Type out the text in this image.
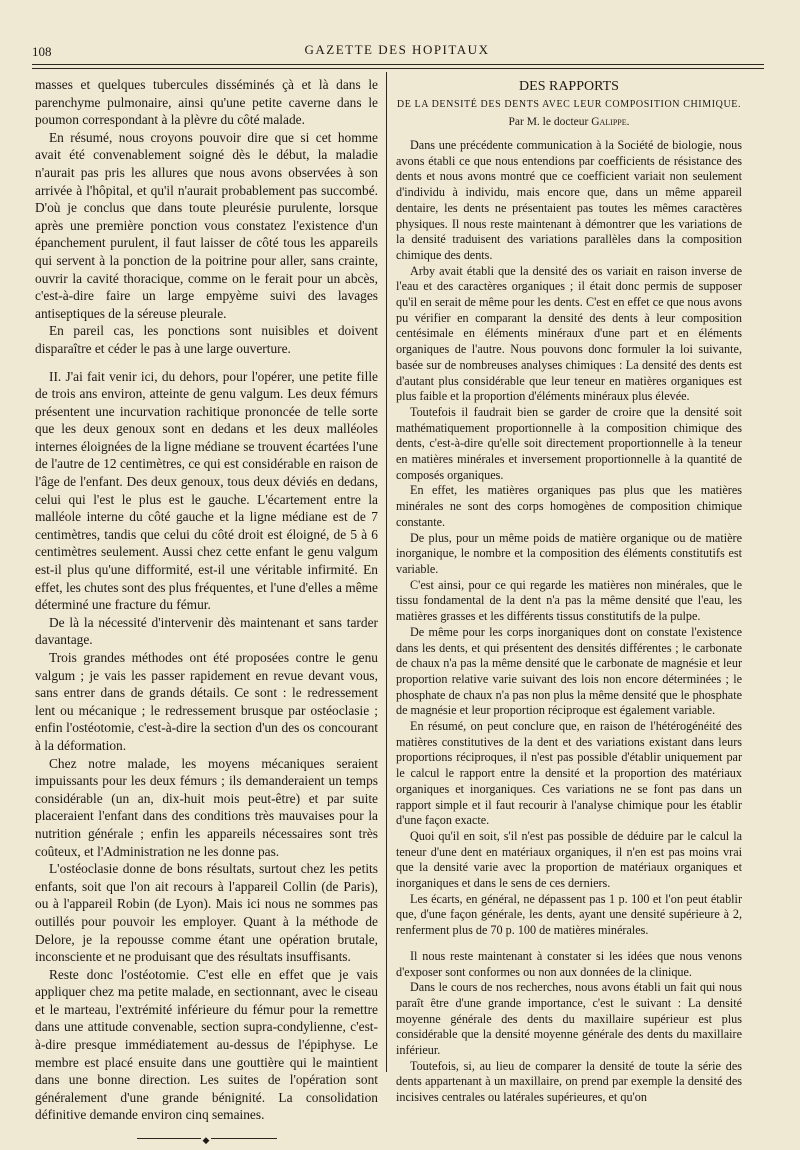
108	GAZETTE DES HOPITAUX

masses et quelques tubercules disséminés çà et là dans le parenchyme pulmonaire, ainsi qu'une petite caverne dans le poumon correspondant à la plèvre du côté malade.

En résumé, nous croyons pouvoir dire que si cet homme avait été convenablement soigné dès le début, la maladie n'aurait pas pris les allures que nous avons observées à son arrivée à l'hôpital, et qu'il n'aurait probablement pas succombé. D'où je conclus que dans toute pleurésie purulente, lorsque après une première ponction vous constatez l'existence d'un épanchement purulent, il faut laisser de côté tous les appareils qui servent à la ponction de la poitrine pour aller, sans crainte, ouvrir la cavité thoracique, comme on le ferait pour un abcès, c'est-à-dire faire un large empyème suivi des lavages antiseptiques de la séreuse pleurale.

En pareil cas, les ponctions sont nuisibles et doivent disparaître et céder le pas à une large ouverture.

II. J'ai fait venir ici, du dehors, pour l'opérer, une petite fille de trois ans environ, atteinte de genu valgum. Les deux fémurs présentent une incurvation rachitique prononcée de telle sorte que les deux genoux sont en dedans et les deux malléoles internes éloignées de la ligne médiane se trouvent écartées l'une de l'autre de 12 centimètres, ce qui est considérable en raison de l'âge de l'enfant. Des deux genoux, tous deux déviés en dedans, celui qui l'est le plus est le gauche. L'écartement entre la malléole interne du côté gauche et la ligne médiane est de 7 centimètres, tandis que celui du côté droit est éloigné, de 5 à 6 centimètres seulement. Aussi chez cette enfant le genu valgum est-il plus qu'une difformité, est-il une véritable infirmité. En effet, les chutes sont des plus fréquentes, et l'une d'elles a même déterminé une fracture du fémur.

De là la nécessité d'intervenir dès maintenant et sans tarder davantage.

Trois grandes méthodes ont été proposées contre le genu valgum ; je vais les passer rapidement en revue devant vous, sans entrer dans de grands détails. Ce sont : le redressement lent ou mécanique ; le redressement brusque par ostéoclasie ; enfin l'ostéotomie, c'est-à-dire la section d'un des os concourant à la déformation.

Chez notre malade, les moyens mécaniques seraient impuissants pour les deux fémurs ; ils demanderaient un temps considérable (un an, dix-huit mois peut-être) et par suite placeraient l'enfant dans des conditions très mauvaises pour la nutrition générale ; enfin les appareils nécessaires sont très coûteux, et l'Administration ne les donne pas.

L'ostéoclasie donne de bons résultats, surtout chez les petits enfants, soit que l'on ait recours à l'appareil Collin (de Paris), ou à l'appareil Robin (de Lyon). Mais ici nous ne sommes pas outillés pour pouvoir les employer. Quant à la méthode de Delore, je la repousse comme étant une opération brutale, inconsciente et ne produisant que des résultats insuffisants.

Reste donc l'ostéotomie. C'est elle en effet que je vais appliquer chez ma petite malade, en sectionnant, avec le ciseau et le marteau, l'extrémité inférieure du fémur pour la remettre dans une attitude convenable, section supra-condylienne, c'est-à-dire presque immédiatement au-dessus de l'épiphyse. Le membre est placé ensuite dans une gouttière qui le maintient dans une bonne direction. Les suites de l'opération sont généralement d'une grande bénignité. La consolidation définitive demande environ cinq semaines.

◆
DES RAPPORTS
DE LA DENSITÉ DES DENTS AVEC LEUR COMPOSITION CHIMIQUE.
Par M. le docteur Galippe.

Dans une précédente communication à la Société de biologie, nous avons établi ce que nous entendions par coefficients de résistance des dents et nous avons montré que ce coefficient variait non seulement d'individu à individu, mais encore que, dans un même appareil dentaire, les dents ne présentaient pas toutes les mêmes caractères physiques. Il nous reste maintenant à démontrer que les variations de la densité traduisent des variations parallèles dans la composition chimique des dents.

Arby avait établi que la densité des os variait en raison inverse de l'eau et des caractères organiques ; il était donc permis de supposer qu'il en serait de même pour les dents. C'est en effet ce que nous avons pu vérifier en comparant la densité des dents à leur composition centésimale en éléments minéraux d'une part et en éléments organiques de l'autre. Nous pouvons donc formuler la loi suivante, basée sur de nombreuses analyses chimiques : La densité des dents est d'autant plus considérable que leur teneur en matières organiques est plus faible et la proportion d'éléments minéraux plus élevée.

Toutefois il faudrait bien se garder de croire que la densité soit mathématiquement proportionnelle à la composition chimique des dents, c'est-à-dire qu'elle soit directement proportionnelle à la teneur en matières minérales et inversement proportionnelle à la quantité de composés organiques.

En effet, les matières organiques pas plus que les matières minérales ne sont des corps homogènes de composition chimique constante.

De plus, pour un même poids de matière organique ou de matière inorganique, le nombre et la composition des éléments constitutifs est variable.

C'est ainsi, pour ce qui regarde les matières non minérales, que le tissu fondamental de la dent n'a pas la même densité que l'eau, les matières grasses et les différents tissus constitutifs de la pulpe.

De même pour les corps inorganiques dont on constate l'existence dans les dents, et qui présentent des densités différentes ; le carbonate de chaux n'a pas la même densité que le carbonate de magnésie et leur proportion relative varie suivant des lois non encore déterminées ; le phosphate de chaux n'a pas non plus la même densité que le phosphate de magnésie et leur proportion réciproque est également variable.

En résumé, on peut conclure que, en raison de l'hétérogénéité des matières constitutives de la dent et des variations existant dans leurs proportions réciproques, il n'est pas possible d'établir uniquement par le calcul le rapport entre la densité et la proportion des matériaux organiques et inorganiques. Ces variations ne se font pas dans un rapport simple et il faut recourir à l'analyse chimique pour les établir d'une façon exacte.

Quoi qu'il en soit, s'il n'est pas possible de déduire par le calcul la teneur d'une dent en matériaux organiques, il n'en est pas moins vrai que la densité varie avec la proportion de matériaux organiques et inorganiques et dans le sens de ces derniers.

Les écarts, en général, ne dépassent pas 1 p. 100 et l'on peut établir que, d'une façon générale, les dents, ayant une densité supérieure à 2, renferment plus de 70 p. 100 de matières minérales.

Il nous reste maintenant à constater si les idées que nous venons d'exposer sont conformes ou non aux données de la clinique.

Dans le cours de nos recherches, nous avons établi un fait qui nous paraît être d'une grande importance, c'est le suivant : La densité moyenne générale des dents du maxillaire supérieur est plus considérable que la densité moyenne générale des dents du maxillaire inférieur.

Toutefois, si, au lieu de comparer la densité de toute la série des dents appartenant à un maxillaire, on prend par exemple la densité des incisives centrales ou latérales supérieures, et qu'on
